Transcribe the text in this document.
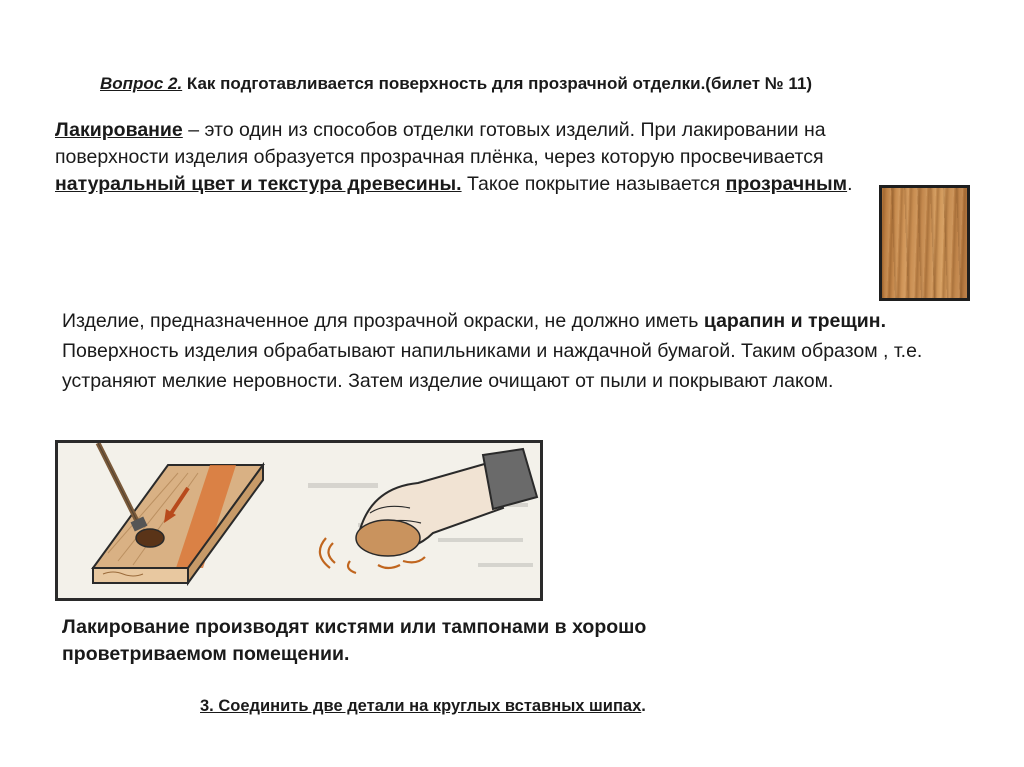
Вопрос 2. Как подготавливается поверхность для прозрачной отделки.(билет № 11)
Лакирование – это один из способов отделки готовых изделий. При лакировании на поверхности изделия образуется прозрачная плёнка, через которую просвечивается натуральный цвет и текстура древесины. Такое покрытие называется прозрачным.
Изделие, предназначенное для прозрачной окраски, не должно иметь царапин и трещин. Поверхность изделия обрабатывают напильниками и наждачной бумагой. Таким образом , т.е. устраняют мелкие неровности. Затем изделие очищают от пыли и покрывают лаком.
Лакирование производят кистями или тампонами в хорошо проветриваемом помещении.
3. Соединить две детали на круглых вставных шипах.
